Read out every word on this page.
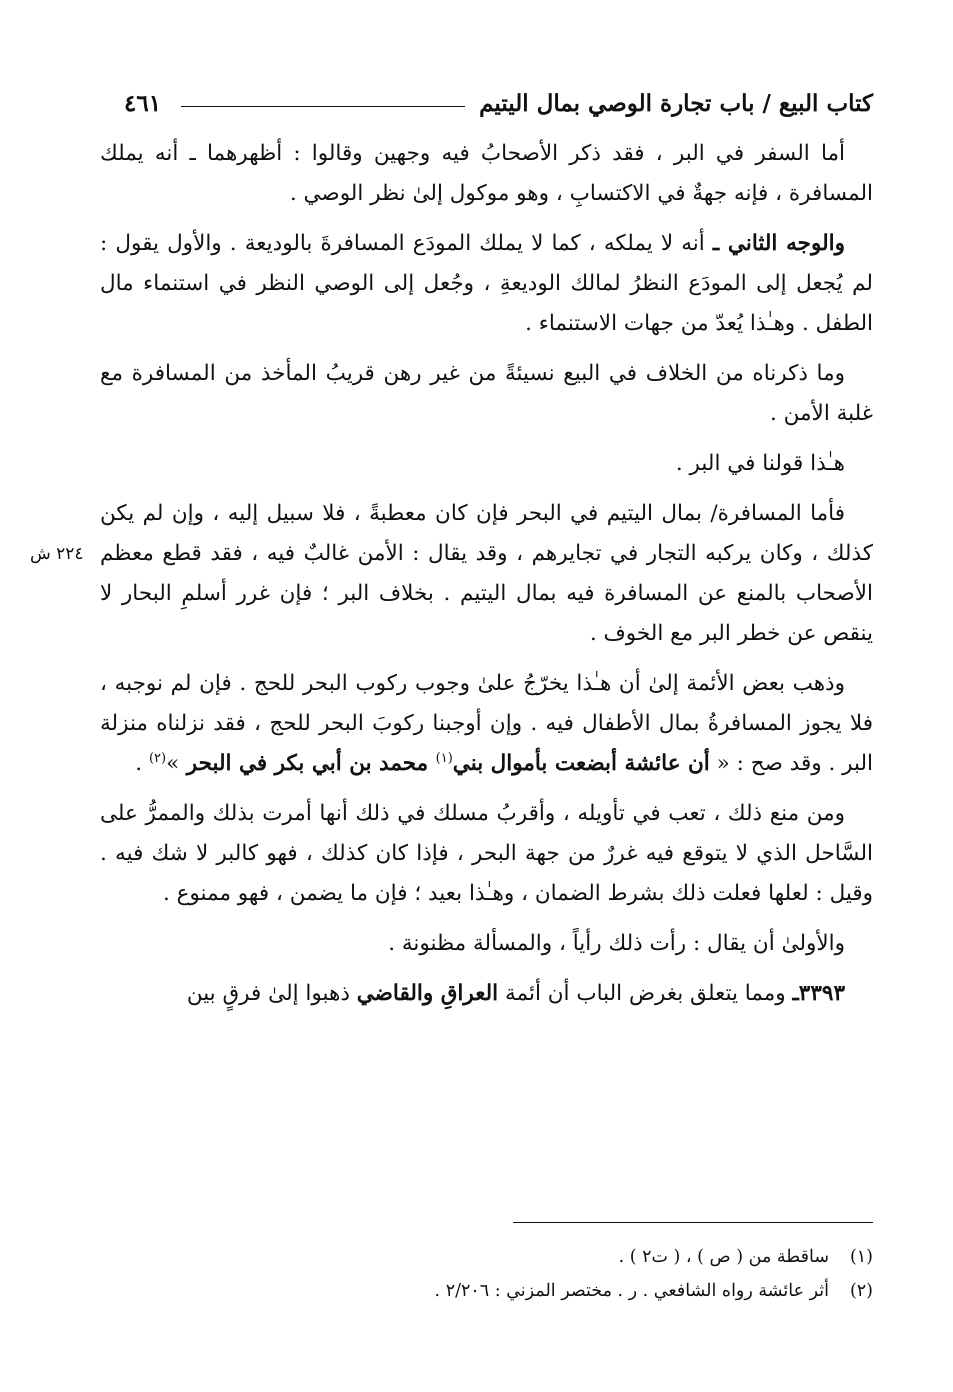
كتاب البيع / باب تجارة الوصي بمال اليتيم
٤٦١
٢٢٤ ش

أما السفر في البر ، فقد ذكر الأصحابُ فيه وجهين وقالوا : أظهرهما ـ أنه يملك المسافرة ، فإنه جهةٌ في الاكتسابِ ، وهو موكول إلىٰ نظر الوصي .

والوجه الثاني ـ أنه لا يملكه ، كما لا يملك المودَع المسافرةَ بالوديعة . والأول يقول : لم يُجعل إلى المودَع النظرُ لمالك الوديعةِ ، وجُعل إلى الوصي النظر في استنماء مال الطفل . وهـٰذا يُعدّ من جهات الاستنماء .

وما ذكرناه من الخلاف في البيع نسيئةً من غير رهن قريبُ المأخذ من المسافرة مع غلبة الأمن .

هـٰذا قولنا في البر .

فأما المسافرة/ بمال اليتيم في البحر فإن كان معطبةً ، فلا سبيل إليه ، وإن لم يكن كذلك ، وكان يركبه التجار في تجايرهم ، وقد يقال : الأمن غالبٌ فيه ، فقد قطع معظم الأصحاب بالمنع عن المسافرة فيه بمال اليتيم . بخلاف البر ؛ فإن غرر أسلمِ البحار لا ينقص عن خطر البر مع الخوف .

وذهب بعض الأئمة إلىٰ أن هـٰذا يخرّجُ علىٰ وجوب ركوب البحر للحج . فإن لم نوجبه ، فلا يجوز المسافرةُ بمال الأطفال فيه . وإن أوجبنا ركوبَ البحر للحج ، فقد نزلناه منزلة البر . وقد صح : « أن عائشة أبضعت بأموال بني$^{(١)}$ محمد بن أبي بكر في البحر »$^{(٢)}$ .

ومن منع ذلك ، تعب في تأويله ، وأقربُ مسلك في ذلك أنها أمرت بذلك والممرُّ على السَّاحل الذي لا يتوقع فيه غررٌ من جهة البحر ، فإذا كان كذلك ، فهو كالبر لا شك فيه . وقيل : لعلها فعلت ذلك بشرط الضمان ، وهـٰذا بعيد ؛ فإن ما يضمن ، فهو ممنوع .

والأولىٰ أن يقال : رأت ذلك رأياً ، والمسألة مظنونة .

٣٣٩٣ـ ومما يتعلق بغرض الباب أن أئمة العراقِ والقاضي ذهبوا إلىٰ فرقٍ بين

(١)
ساقطة من ( ص ) ، ( ت٢ ) .
(٢)
أثر عائشة رواه الشافعي . ر . مختصر المزني : ٢/٢٠٦ .
